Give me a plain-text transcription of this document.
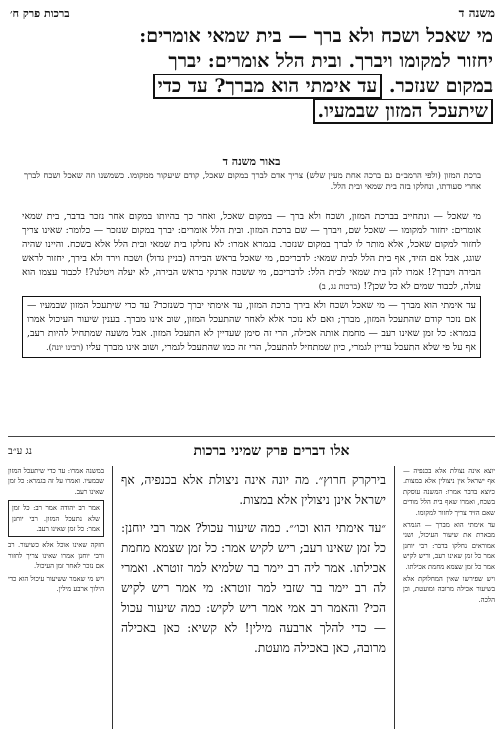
משנה ד
ברכות פרק ח׳
מי שאכל ושכח ולא ברך — בית שמאי אומרים:
יחזור למקומו ויברך. ובית הלל אומרים: יברך
במקום שנזכר. עד אימתי הוא מברך? עד כדי
שיתעכל המזון שבמעיו.
באור משנה ד
ברכת המזון (ולפי הרמב״ם גם ברכה אחת מעין שלש) צריך אדם לברך במקום שאכל, קודם שיעקור ממקומו. כשמשנו וזה שאכל ושכח לברך אחרי סעודתו, ונחלקו בזה בית שמאי ובית הלל.

מי שאכל — ונתחייב בברכת המזון, ושכח ולא ברך — במקום שאכל, ואחר כך בהיותו במקום אחר נזכר בדבר, בית שמאי אומרים: יחזור למקומו — שאכל שם, ויברך — שם ברכת המזון. ובית הלל אומרים: יברך במקום שנזכר — כלומר: שאינו צריך לחזור למקום שאכל, אלא מותר לו לברך במקום שנזכר. בגמרא אמרו: לא נחלקו בית שמאי ובית הלל אלא בשכח. והיינו שהיה שוגג, אבל אם הזיד, אף בית הלל לבית שמאי: לדבריכם, מי שאכל בראש הבירה (בניין גדול) ושכח וירד ולא בירך, יחזור לראש הבירה ויברך?! אמרו להן בית שמאי לבית הלל: לדבריכם, מי ששכח ארנקי בראש הבירה, לא יעלה ויטלנו?! לכבוד עצמו הוא עולה, לכבוד שמים לא כל שכן?! (ברכות נג, ב)

עד אימתי הוא מברך — מי שאכל ושכח ולא בירך ברכת המזון, עד אימתי יברך כשנזכר? עד כדי שיתעכל המזון שבמעיו — אם נזכר קודם שהתעכל המזון, מברך; ואם לא נזכר אלא לאחר שהתעכל המזון, שוב אינו מברך. בענין שיעור העיכול אמרו בגמרא: כל זמן שאינו רעב — מחמת אותה אכילה, הרי זה סימן שעדיין לא התעכל המזון. אבל משעה שמתחיל להיות רעב, אף על פי שלא התעכל עדיין לגמרי, כיון שמתחיל להתעכל, הרי זה כמו שהתעכל לגמרי, ושוב אינו מברך עליו (רבינו יונה).
אלו דברים פרק שמיני ברכות
נג ע״ב

יוצא אינה נצולת אלא בכנפיה — אף ישראל אין ניצולין אלא במצות. כיוצא בדבר אמרו: המשנה עוסקת בשכח, ואמרו שאף בית הלל מודים שאם הזיד צריך לחזור למקומו.

עד אימתי הוא מברך — הגמרא מבארת את שיעור העיכול, ושני אמוראים נחלקו בדבר: רבי יוחנן אמר כל זמן שאינו רעב, וריש לקיש אמר כל זמן שצמא מחמת אכילתו.

ויש שפירשו שאין המחלוקת אלא בשיעור אכילה מרובה ומועטת, וכן הלכה.

בירקרק חרוץ״. מה יונה אינה ניצולת אלא בכנפיה, אף ישראל אינן ניצולין אלא במצות.

״עד אימתי הוא וכו׳״. כמה שיעור עכול? אמר רבי יוחנן: כל זמן שאינו רעב; ריש לקיש אמר: כל זמן שצמא מחמת אכילתו. אמר ליה רב יימר בר שלמיא למר זוטרא. ואמרי לה רב יימר בר שזבי למר זוטרא: מי אמר ריש לקיש הכי? והאמר רב אמי אמר ריש לקיש: כמה שיעור עכול — כדי להלך ארבעה מילין! לא קשיא: כאן באכילה מרובה, כאן באכילה מועטת.

במשנה אמרו: עד כדי שיתעכל המזון שבמעיו. ואמרו על זה בגמרא: כל זמן שאינו רעב.

אמר רב יהודה אמר רב: כל זמן שלא נתעכל המזון. רבי יוחנן אמר: כל זמן שאינו רעב.

חזקה שאינו אוכל אלא כשיעור. רב ורבי יוחנן אמרו שאינו צריך לחזור אם נזכר לאחר זמן העיכול.

ויש מי שאמר ששיעור עיכול הוא כדי הילוך ארבע מילין.
